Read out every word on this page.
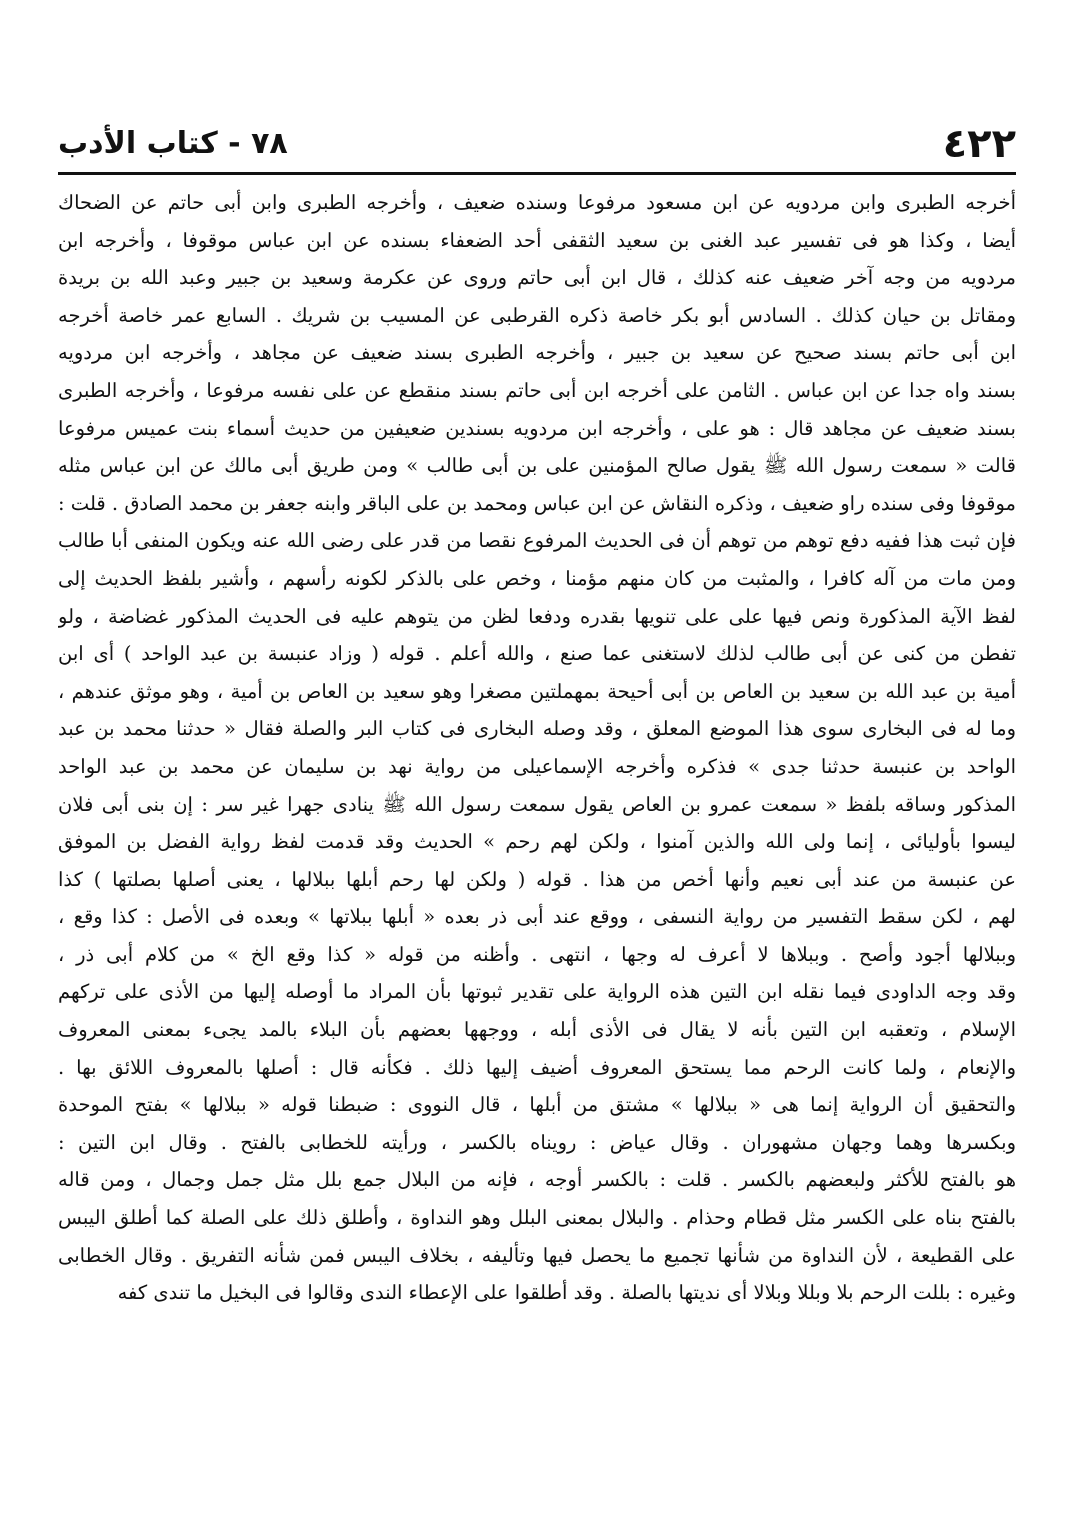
٤٢٢
٧٨ - كتاب الأدب
أخرجه الطبرى وابن مردويه عن ابن مسعود مرفوعا وسنده ضعيف ، وأخرجه الطبرى وابن أبى حاتم عن الضحاك
أيضا ، وكذا هو فى تفسير عبد الغنى بن سعيد الثقفى أحد الضعفاء بسنده عن ابن عباس موقوفا ، وأخرجه ابن
مردويه من وجه آخر ضعيف عنه كذلك ، قال ابن أبى حاتم وروى عن عكرمة وسعيد بن جبير وعبد الله بن بريدة
ومقاتل بن حيان كذلك . السادس أبو بكر خاصة ذكره القرطبى عن المسيب بن شريك . السابع عمر خاصة أخرجه
ابن أبى حاتم بسند صحيح عن سعيد بن جبير ، وأخرجه الطبرى بسند ضعيف عن مجاهد ، وأخرجه ابن مردويه
بسند واه جدا عن ابن عباس . الثامن على أخرجه ابن أبى حاتم بسند منقطع عن على نفسه مرفوعا ، وأخرجه الطبرى
بسند ضعيف عن مجاهد قال : هو على ، وأخرجه ابن مردويه بسندين ضعيفين من حديث أسماء بنت عميس مرفوعا
قالت « سمعت رسول الله ﷺ يقول صالح المؤمنين على بن أبى طالب » ومن طريق أبى مالك عن ابن عباس مثله
موقوفا وفى سنده راو ضعيف ، وذكره النقاش عن ابن عباس ومحمد بن على الباقر وابنه جعفر بن محمد الصادق . قلت :
فإن ثبت هذا ففيه دفع توهم من توهم أن فى الحديث المرفوع نقصا من قدر على رضى الله عنه ويكون المنفى أبا طالب
ومن مات من آله كافرا ، والمثبت من كان منهم مؤمنا ، وخص على بالذكر لكونه رأسهم ، وأشير بلفظ الحديث إلى
لفظ الآية المذكورة ونص فيها على على تنويها بقدره ودفعا لظن من يتوهم عليه فى الحديث المذكور غضاضة ، ولو
تفطن من كنى عن أبى طالب لذلك لاستغنى عما صنع ، والله أعلم . قوله ( وزاد عنبسة بن عبد الواحد ) أى ابن
أمية بن عبد الله بن سعيد بن العاص بن أبى أحيحة بمهملتين مصغرا وهو سعيد بن العاص بن أمية ، وهو موثق عندهم ،
وما له فى البخارى سوى هذا الموضع المعلق ، وقد وصله البخارى فى كتاب البر والصلة فقال « حدثنا محمد بن عبد
الواحد بن عنبسة حدثنا جدى » فذكره وأخرجه الإسماعيلى من رواية نهد بن سليمان عن محمد بن عبد الواحد
المذكور وساقه بلفظ « سمعت عمرو بن العاص يقول سمعت رسول الله ﷺ ينادى جهرا غير سر : إن بنى أبى فلان
ليسوا بأوليائى ، إنما ولى الله والذين آمنوا ، ولكن لهم رحم » الحديث وقد قدمت لفظ رواية الفضل بن الموفق
عن عنبسة من عند أبى نعيم وأنها أخص من هذا . قوله ( ولكن لها رحم أبلها ببلالها ، يعنى أصلها بصلتها ) كذا
لهم ، لكن سقط التفسير من رواية النسفى ، ووقع عند أبى ذر بعده « أبلها ببلاتها » وبعده فى الأصل : كذا وقع ،
وببلالها أجود وأصح . وببلاها لا أعرف له وجها ، انتهى . وأظنه من قوله « كذا وقع الخ » من كلام أبى ذر ،
وقد وجه الداودى فيما نقله ابن التين هذه الرواية على تقدير ثبوتها بأن المراد ما أوصله إليها من الأذى على تركهم
الإسلام ، وتعقبه ابن التين بأنه لا يقال فى الأذى أبله ، ووجهها بعضهم بأن البلاء بالمد يجىء بمعنى المعروف
والإنعام ، ولما كانت الرحم مما يستحق المعروف أضيف إليها ذلك . فكأنه قال : أصلها بالمعروف اللائق بها .
والتحقيق أن الرواية إنما هى « ببلالها » مشتق من أبلها ، قال النووى : ضبطنا قوله « ببلالها » بفتح الموحدة
وبكسرها وهما وجهان مشهوران . وقال عياض : رويناه بالكسر ، ورأيته للخطابى بالفتح . وقال ابن التين :
هو بالفتح للأكثر ولبعضهم بالكسر . قلت : بالكسر أوجه ، فإنه من البلال جمع بلل مثل جمل وجمال ، ومن قاله
بالفتح بناه على الكسر مثل قطام وحذام . والبلال بمعنى البلل وهو النداوة ، وأطلق ذلك على الصلة كما أطلق اليبس
على القطيعة ، لأن النداوة من شأنها تجميع ما يحصل فيها وتأليفه ، بخلاف اليبس فمن شأنه التفريق . وقال الخطابى
وغيره : بللت الرحم بلا وبللا وبلالا أى نديتها بالصلة . وقد أطلقوا على الإعطاء الندى وقالوا فى البخيل ما تندى كفه
